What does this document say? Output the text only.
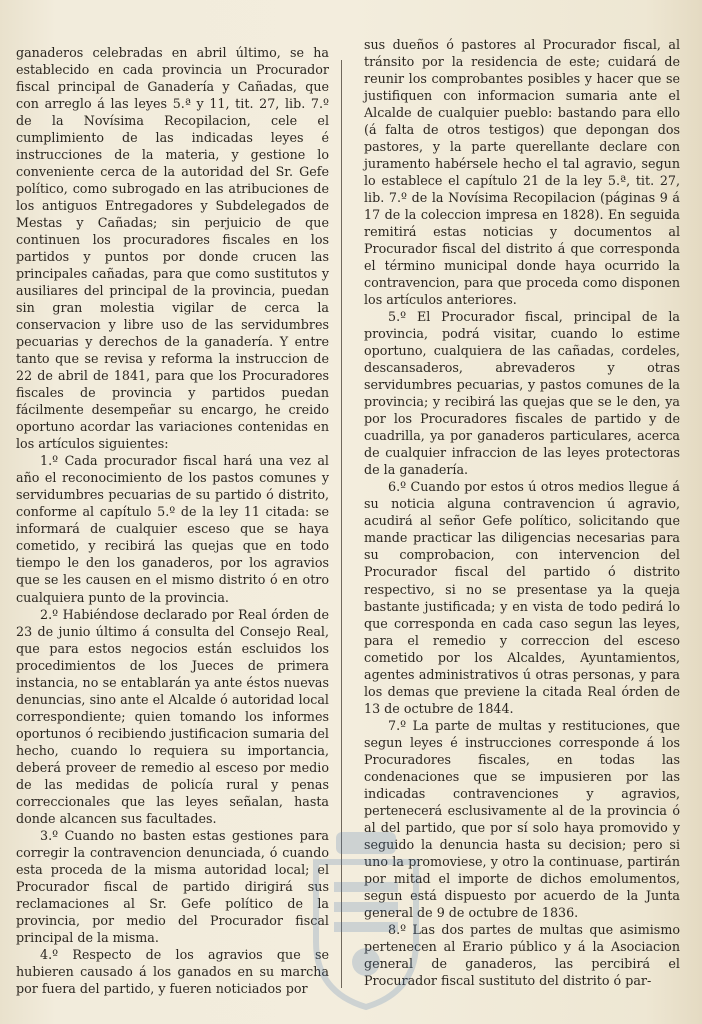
ganaderos celebradas en abril último, se ha establecido en cada provincia un Procurador fiscal principal de Ganadería y Cañadas, que con arreglo á las leyes 5.ª y 11, tit. 27, lib. 7.º de la Novísima Recopilacion, cele el cumplimiento de las indicadas leyes é instrucciones de la materia, y gestione lo conveniente cerca de la autoridad del Sr. Gefe político, como subrogado en las atribuciones de los antiguos Entregadores y Subdelegados de Mestas y Cañadas; sin perjuicio de que continuen los procuradores fiscales en los partidos y puntos por donde crucen las principales cañadas, para que como sustitutos y ausiliares del principal de la provincia, puedan sin gran molestia vigilar de cerca la conservacion y libre uso de las servidumbres pecuarias y derechos de la ganadería. Y entre tanto que se revisa y reforma la instruccion de 22 de abril de 1841, para que los Procuradores fiscales de provincia y partidos puedan fácilmente desempeñar su encargo, he creido oportuno acordar las variaciones contenidas en los artículos siguientes:

1.º Cada procurador fiscal hará una vez al año el reconocimiento de los pastos comunes y servidumbres pecuarias de su partido ó distrito, conforme al capítulo 5.º de la ley 11 citada: se informará de cualquier esceso que se haya cometido, y recibirá las quejas que en todo tiempo le den los ganaderos, por los agravios que se les causen en el mismo distrito ó en otro cualquiera punto de la provincia.

2.º Habiéndose declarado por Real órden de 23 de junio último á consulta del Consejo Real, que para estos negocios están escluidos los procedimientos de los Jueces de primera instancia, no se entablarán ya ante éstos nuevas denuncias, sino ante el Alcalde ó autoridad local correspondiente; quien tomando los informes oportunos ó recibiendo justificacion sumaria del hecho, cuando lo requiera su importancia, deberá proveer de remedio al esceso por medio de las medidas de policía rural y penas correccionales que las leyes señalan, hasta donde alcancen sus facultades.

3.º Cuando no basten estas gestiones para corregir la contravencion denunciada, ó cuando esta proceda de la misma autoridad local; el Procurador fiscal de partido dirigirá sus reclamaciones al Sr. Gefe político de la provincia, por medio del Procurador fiscal principal de la misma.

4.º Respecto de los agravios que se hubieren causado á los ganados en su marcha por fuera del partido, y fueren noticiados por

sus dueños ó pastores al Procurador fiscal, al tránsito por la residencia de este; cuidará de reunir los comprobantes posibles y hacer que se justifiquen con informacion sumaria ante el Alcalde de cualquier pueblo: bastando para ello (á falta de otros testigos) que depongan dos pastores, y la parte querellante declare con juramento habérsele hecho el tal agravio, segun lo establece el capítulo 21 de la ley 5.ª, tit. 27, lib. 7.º de la Novísima Recopilacion (páginas 9 á 17 de la coleccion impresa en 1828). En seguida remitirá estas noticias y documentos al Procurador fiscal del distrito á que corresponda el término municipal donde haya ocurrido la contravencion, para que proceda como disponen los artículos anteriores.

5.º El Procurador fiscal, principal de la provincia, podrá visitar, cuando lo estime oportuno, cualquiera de las cañadas, cordeles, descansaderos, abrevaderos y otras servidumbres pecuarias, y pastos comunes de la provincia; y recibirá las quejas que se le den, ya por los Procuradores fiscales de partido y de cuadrilla, ya por ganaderos particulares, acerca de cualquier infraccion de las leyes protectoras de la ganadería.

6.º Cuando por estos ú otros medios llegue á su noticia alguna contravencion ú agravio, acudirá al señor Gefe político, solicitando que mande practicar las diligencias necesarias para su comprobacion, con intervencion del Procurador fiscal del partido ó distrito respectivo, si no se presentase ya la queja bastante justificada; y en vista de todo pedirá lo que corresponda en cada caso segun las leyes, para el remedio y correccion del esceso cometido por los Alcaldes, Ayuntamientos, agentes administrativos ú otras personas, y para los demas que previene la citada Real órden de 13 de octubre de 1844.

7.º La parte de multas y restituciones, que segun leyes é instrucciones corresponde á los Procuradores fiscales, en todas las condenaciones que se impusieren por las indicadas contravenciones y agravios, pertenecerá esclusivamente al de la provincia ó al del partido, que por sí solo haya promovido y seguido la denuncia hasta su decision; pero si uno la promoviese, y otro la continuase, partirán por mitad el importe de dichos emolumentos, segun está dispuesto por acuerdo de la Junta general de 9 de octubre de 1836.

8.º Las dos partes de multas que asimismo pertenecen al Erario público y á la Asociacion general de ganaderos, las percibirá el Procurador fiscal sustituto del distrito ó par-
